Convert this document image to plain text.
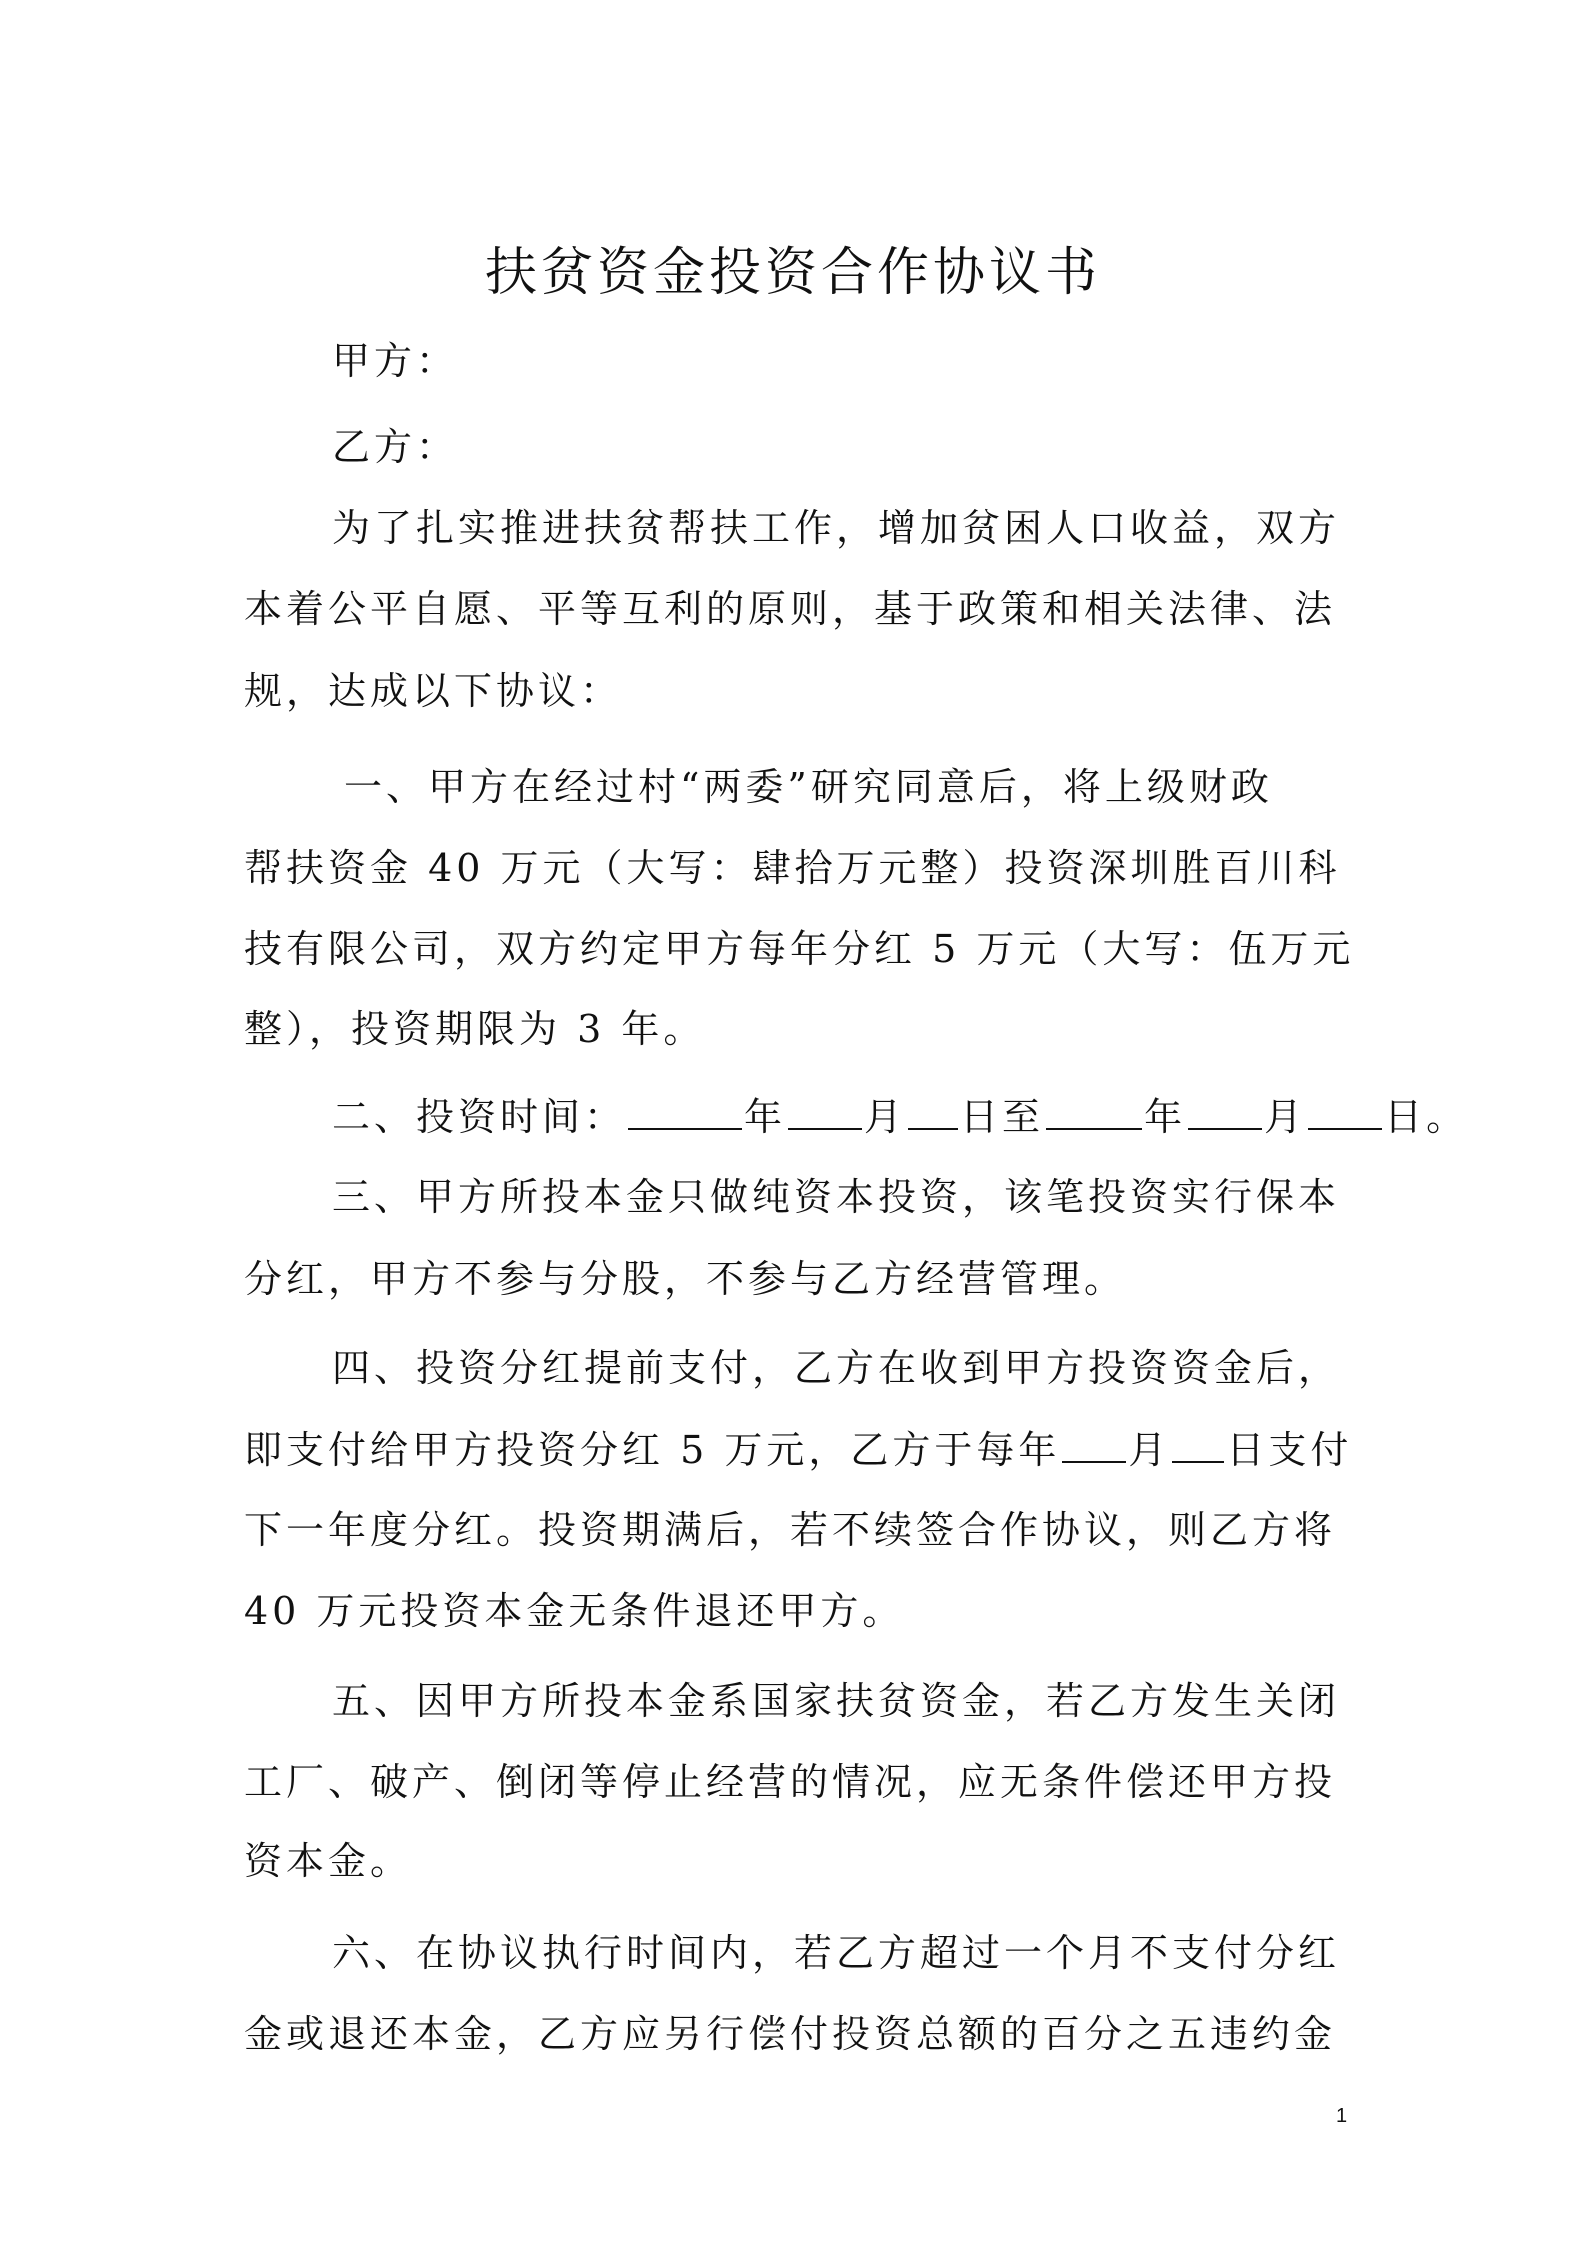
扶贫资金投资合作协议书

甲方：

乙方：

为了扎实推进扶贫帮扶工作，增加贫困人口收益，双方

本着公平自愿、平等互利的原则，基于政策和相关法律、法

规，达成以下协议：

一、甲方在经过村“两委”研究同意后，将上级财政

帮扶资金 40 万元（大写：肆拾万元整）投资深圳胜百川科

技有限公司，双方约定甲方每年分红 5 万元（大写：伍万元

整），投资期限为 3 年。

二、投资时间：	年 月 日至	年 月 日。

三、甲方所投本金只做纯资本投资，该笔投资实行保本

分红，甲方不参与分股，不参与乙方经营管理。

四、投资分红提前支付，乙方在收到甲方投资资金后，

即支付给甲方投资分红 5 万元，乙方于每年 月 日支付

下一年度分红。投资期满后，若不续签合作协议，则乙方将

40 万元投资本金无条件退还甲方。

五、因甲方所投本金系国家扶贫资金，若乙方发生关闭

工厂、破产、倒闭等停止经营的情况，应无条件偿还甲方投

资本金。

六、在协议执行时间内，若乙方超过一个月不支付分红

金或退还本金，乙方应另行偿付投资总额的百分之五违约金

1
